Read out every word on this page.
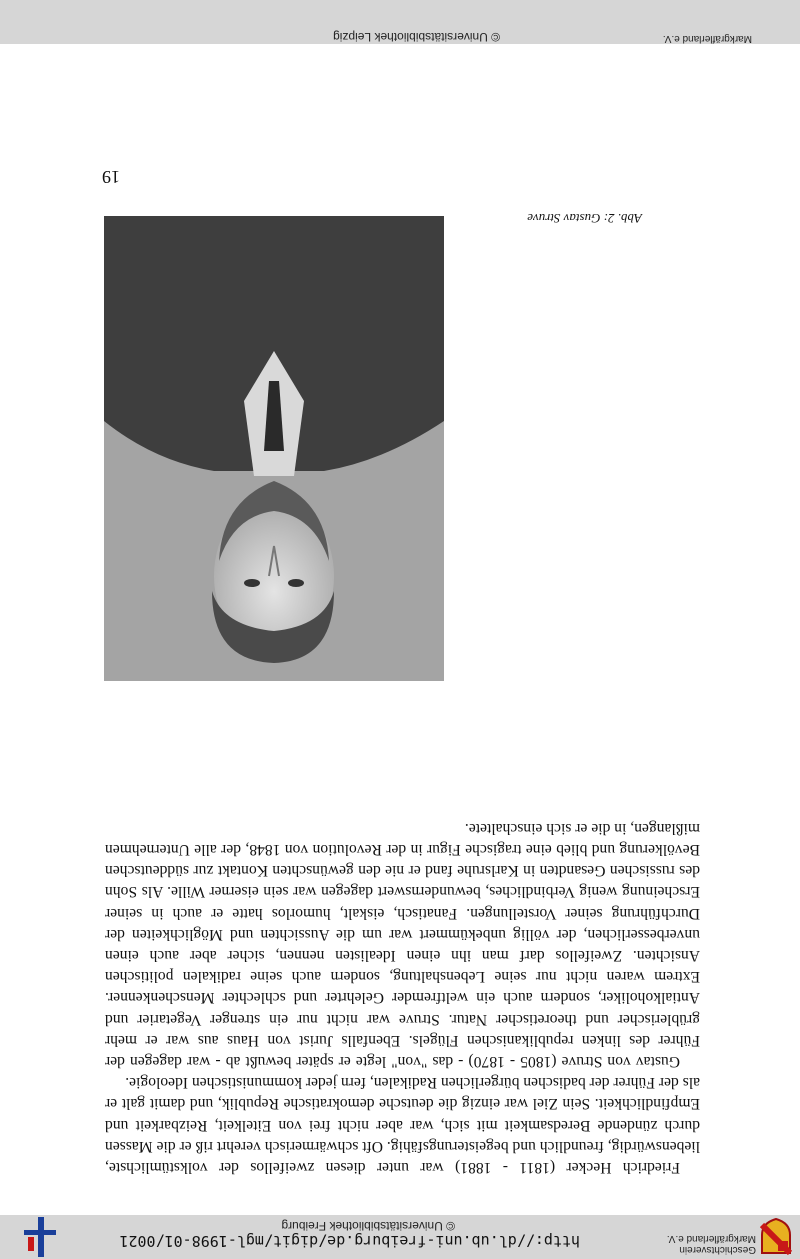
Geschichtsverein
Markgräflerland e.V.
http://dl.ub.uni-freiburg.de/digit/mgl-1998-01/0021
© Universitätsbibliothek Freiburg

Friedrich Hecker (1811 - 1881) war unter diesen zweifellos der volkstümlichste, liebenswürdig, freundlich und begeisterungsfähig. Oft schwärmerisch verehrt riß er die Massen durch zündende Beredsamkeit mit sich, war aber nicht frei von Eitelkeit, Reizbarkeit und Empfindlichkeit. Sein Ziel war einzig die deutsche demokratische Republik, und damit galt er als der Führer der badischen bürgerlichen Radikalen, fern jeder kommunistischen Ideologie.

Gustav von Struve (1805 - 1870) - das "von" legte er später bewußt ab - war dagegen der Führer des linken republikanischen Flügels. Ebenfalls Jurist von Haus aus war er mehr grüblerischer und theoretischer Natur. Struve war nicht nur ein strenger Vegetarier und Antialkoholiker, sondern auch ein weltfremder Gelehrter und schlechter Menschenkenner. Extrem waren nicht nur seine Lebenshaltung, sondern auch seine radikalen politischen Ansichten. Zweifellos darf man ihn einen Idealisten nennen, sicher aber auch einen unverbesserlichen, der völlig unbekümmert war um die Aussichten und Möglichkeiten der Durchführung seiner Vorstellungen. Fanatisch, eiskalt, humorlos hatte er auch in seiner Erscheinung wenig Verbindliches, bewundernswert dagegen war sein eiserner Wille. Als Sohn des russischen Gesandten in Karlsruhe fand er nie den gewünschten Kontakt zur süddeutschen Bevölkerung und blieb eine tragische Figur in der Revolution von 1848, der alle Unternehmen mißlangen, in die er sich einschaltete.

Abb. 2: Gustav Struve
19
Markgräflerland e.V.
© Universitätsbibliothek Leipzig
